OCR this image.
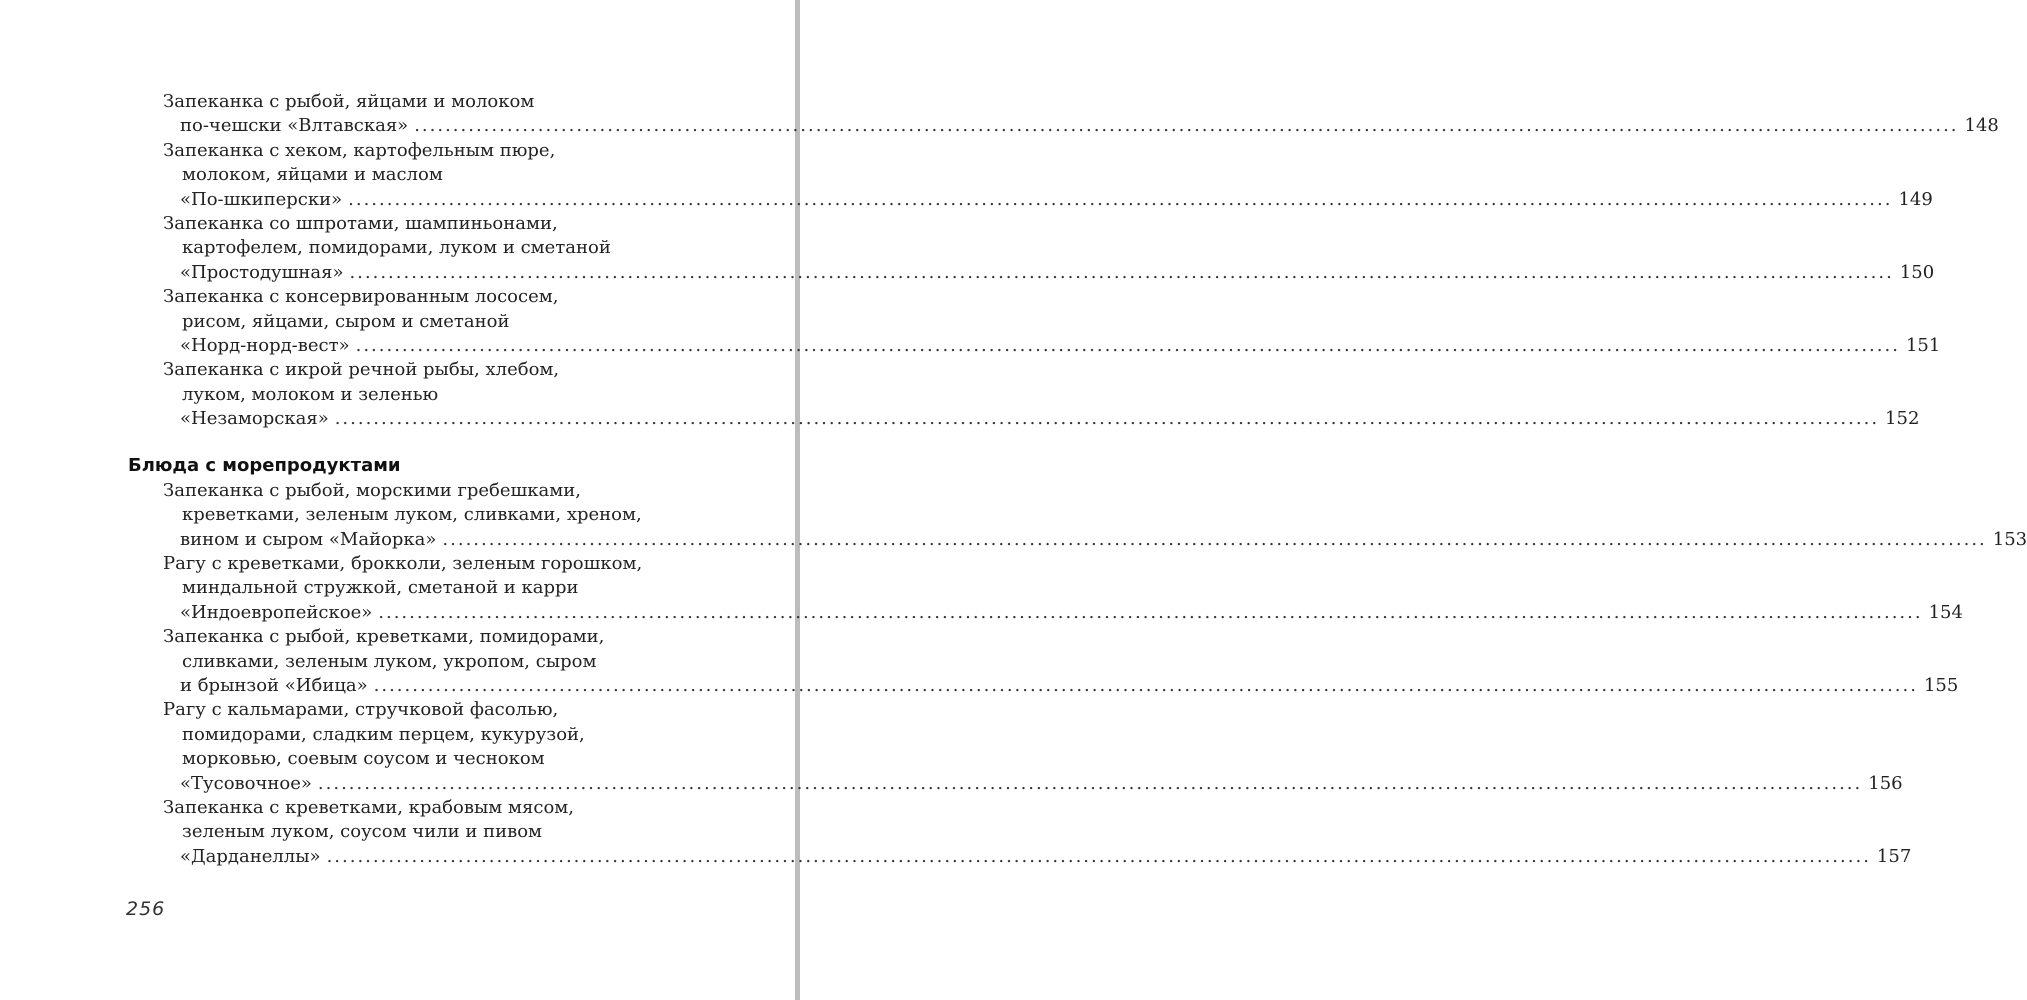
Запеканка с рыбой, яйцами и молоком
по-чешски «Влтавская» ........................................................................................................................................................................................................ 148
Запеканка с хеком, картофельным пюре,
молоком, яйцами и маслом
«По-шкиперски» ........................................................................................................................................................................................................ 149
Запеканка со шпротами, шампиньонами,
картофелем, помидорами, луком и сметаной
«Простодушная» ........................................................................................................................................................................................................ 150
Запеканка с консервированным лососем,
рисом, яйцами, сыром и сметаной
«Норд-норд-вест» ........................................................................................................................................................................................................ 151
Запеканка с икрой речной рыбы, хлебом,
луком, молоком и зеленью
«Незаморская» ........................................................................................................................................................................................................ 152
Блюда с морепродуктами
Запеканка с рыбой, морскими гребешками,
креветками, зеленым луком, сливками, хреном,
вином и сыром «Майорка» ........................................................................................................................................................................................................ 153
Рагу с креветками, брокколи, зеленым горошком,
миндальной стружкой, сметаной и карри
«Индоевропейское» ........................................................................................................................................................................................................ 154
Запеканка с рыбой, креветками, помидорами,
сливками, зеленым луком, укропом, сыром
и брынзой «Ибица» ........................................................................................................................................................................................................ 155
Рагу с кальмарами, стручковой фасолью,
помидорами, сладким перцем, кукурузой,
морковью, соевым соусом и чесноком
«Тусовочное» ........................................................................................................................................................................................................ 156
Запеканка с креветками, крабовым мясом,
зеленым луком, соусом чили и пивом
«Дарданеллы» ........................................................................................................................................................................................................ 157
256
